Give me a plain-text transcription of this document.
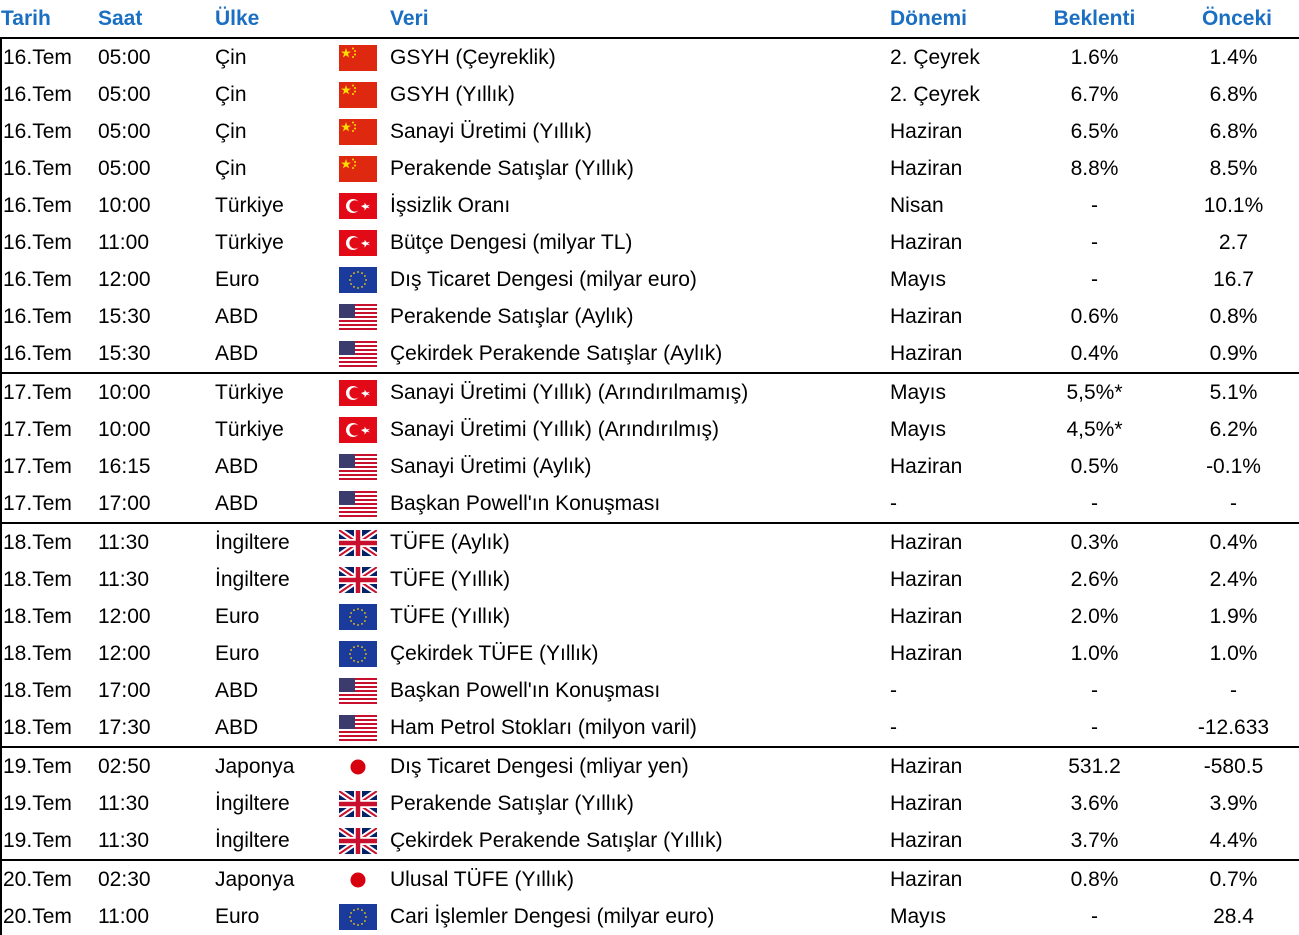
Tarih	Saat	Ülke		Veri	Dönemi	Beklenti	Önceki
16.Tem	05:00	Çin		GSYH (Çeyreklik)	2. Çeyrek	1.6%	1.4%
16.Tem	05:00	Çin		GSYH (Yıllık)	2. Çeyrek	6.7%	6.8%
16.Tem	05:00	Çin		Sanayi Üretimi (Yıllık)	Haziran	6.5%	6.8%
16.Tem	05:00	Çin		Perakende Satışlar (Yıllık)	Haziran	8.8%	8.5%
16.Tem	10:00	Türkiye		İşsizlik Oranı	Nisan	-	10.1%
16.Tem	11:00	Türkiye		Bütçe Dengesi (milyar TL)	Haziran	-	2.7
16.Tem	12:00	Euro		Dış Ticaret Dengesi (milyar euro)	Mayıs	-	16.7
16.Tem	15:30	ABD		Perakende Satışlar (Aylık)	Haziran	0.6%	0.8%
16.Tem	15:30	ABD		Çekirdek Perakende Satışlar (Aylık)	Haziran	0.4%	0.9%
17.Tem	10:00	Türkiye		Sanayi Üretimi (Yıllık) (Arındırılmamış)	Mayıs	5,5%*	5.1%
17.Tem	10:00	Türkiye		Sanayi Üretimi (Yıllık) (Arındırılmış)	Mayıs	4,5%*	6.2%
17.Tem	16:15	ABD		Sanayi Üretimi (Aylık)	Haziran	0.5%	-0.1%
17.Tem	17:00	ABD		Başkan Powell'ın Konuşması	-	-	-
18.Tem	11:30	İngiltere		TÜFE (Aylık)	Haziran	0.3%	0.4%
18.Tem	11:30	İngiltere		TÜFE (Yıllık)	Haziran	2.6%	2.4%
18.Tem	12:00	Euro		TÜFE (Yıllık)	Haziran	2.0%	1.9%
18.Tem	12:00	Euro		Çekirdek TÜFE (Yıllık)	Haziran	1.0%	1.0%
18.Tem	17:00	ABD		Başkan Powell'ın Konuşması	-	-	-
18.Tem	17:30	ABD		Ham Petrol Stokları (milyon varil)	-	-	-12.633
19.Tem	02:50	Japonya		Dış Ticaret Dengesi (mliyar yen)	Haziran	531.2	-580.5
19.Tem	11:30	İngiltere		Perakende Satışlar (Yıllık)	Haziran	3.6%	3.9%
19.Tem	11:30	İngiltere		Çekirdek Perakende Satışlar (Yıllık)	Haziran	3.7%	4.4%
20.Tem	02:30	Japonya		Ulusal TÜFE (Yıllık)	Haziran	0.8%	0.7%
20.Tem	11:00	Euro		Cari İşlemler Dengesi (milyar euro)	Mayıs	-	28.4
